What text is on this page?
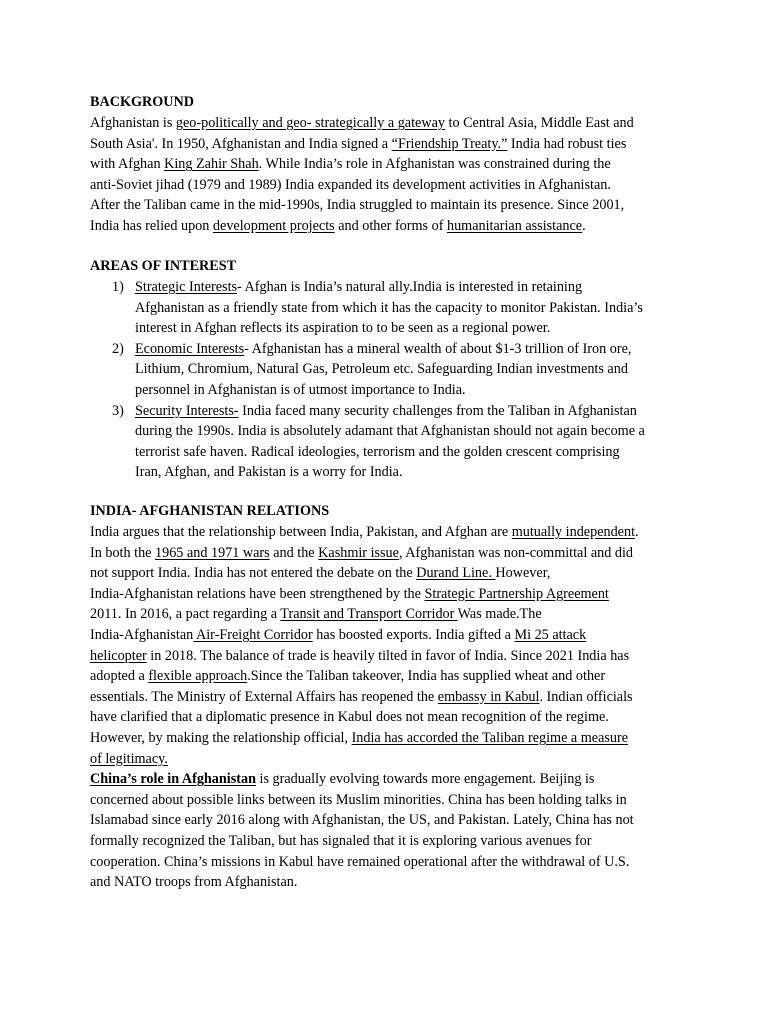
BACKGROUND
AREAS OF INTEREST
INDIA- AFGHANISTAN RELATIONS
Afghanistan is geo-politically and geo- strategically a gateway to Central Asia, Middle East and
South Asia'. In 1950, Afghanistan and India signed a “Friendship Treaty.” India had robust ties
with Afghan King Zahir Shah. While India’s role in Afghanistan was constrained during the
anti-Soviet jihad (1979 and 1989) India expanded its development activities in Afghanistan.
After the Taliban came in the mid-1990s, India struggled to maintain its presence. Since 2001,
India has relied upon development projects and other forms of humanitarian assistance.
1) Strategic Interests- Afghan is India’s natural ally.India is interested in retaining
Afghanistan as a friendly state from which it has the capacity to monitor Pakistan. India’s
interest in Afghan reflects its aspiration to to be seen as a regional power.
2) Economic Interests- Afghanistan has a mineral wealth of about $1-3 trillion of Iron ore,
Lithium, Chromium, Natural Gas, Petroleum etc. Safeguarding Indian investments and
personnel in Afghanistan is of utmost importance to India.
3) Security Interests- India faced many security challenges from the Taliban in Afghanistan
during the 1990s. India is absolutely adamant that Afghanistan should not again become a
terrorist safe haven. Radical ideologies, terrorism and the golden crescent comprising
Iran, Afghan, and Pakistan is a worry for India.
India argues that the relationship between India, Pakistan, and Afghan are mutually independent.
In both the 1965 and 1971 wars and the Kashmir issue, Afghanistan was non-committal and did
not support India. India has not entered the debate on the Durand Line. However,
India-Afghanistan relations have been strengthened by the Strategic Partnership Agreement
2011. In 2016, a pact regarding a Transit and Transport Corridor Was made.The
India-Afghanistan Air-Freight Corridor has boosted exports. India gifted a Mi 25 attack
helicopter in 2018. The balance of trade is heavily tilted in favor of India. Since 2021 India has
adopted a flexible approach.Since the Taliban takeover, India has supplied wheat and other
essentials. The Ministry of External Affairs has reopened the embassy in Kabul. Indian officials
have clarified that a diplomatic presence in Kabul does not mean recognition of the regime.
However, by making the relationship official, India has accorded the Taliban regime a measure
of legitimacy.
China’s role in Afghanistan is gradually evolving towards more engagement. Beijing is
concerned about possible links between its Muslim minorities. China has been holding talks in
Islamabad since early 2016 along with Afghanistan, the US, and Pakistan. Lately, China has not
formally recognized the Taliban, but has signaled that it is exploring various avenues for
cooperation. China’s missions in Kabul have remained operational after the withdrawal of U.S.
and NATO troops from Afghanistan.
